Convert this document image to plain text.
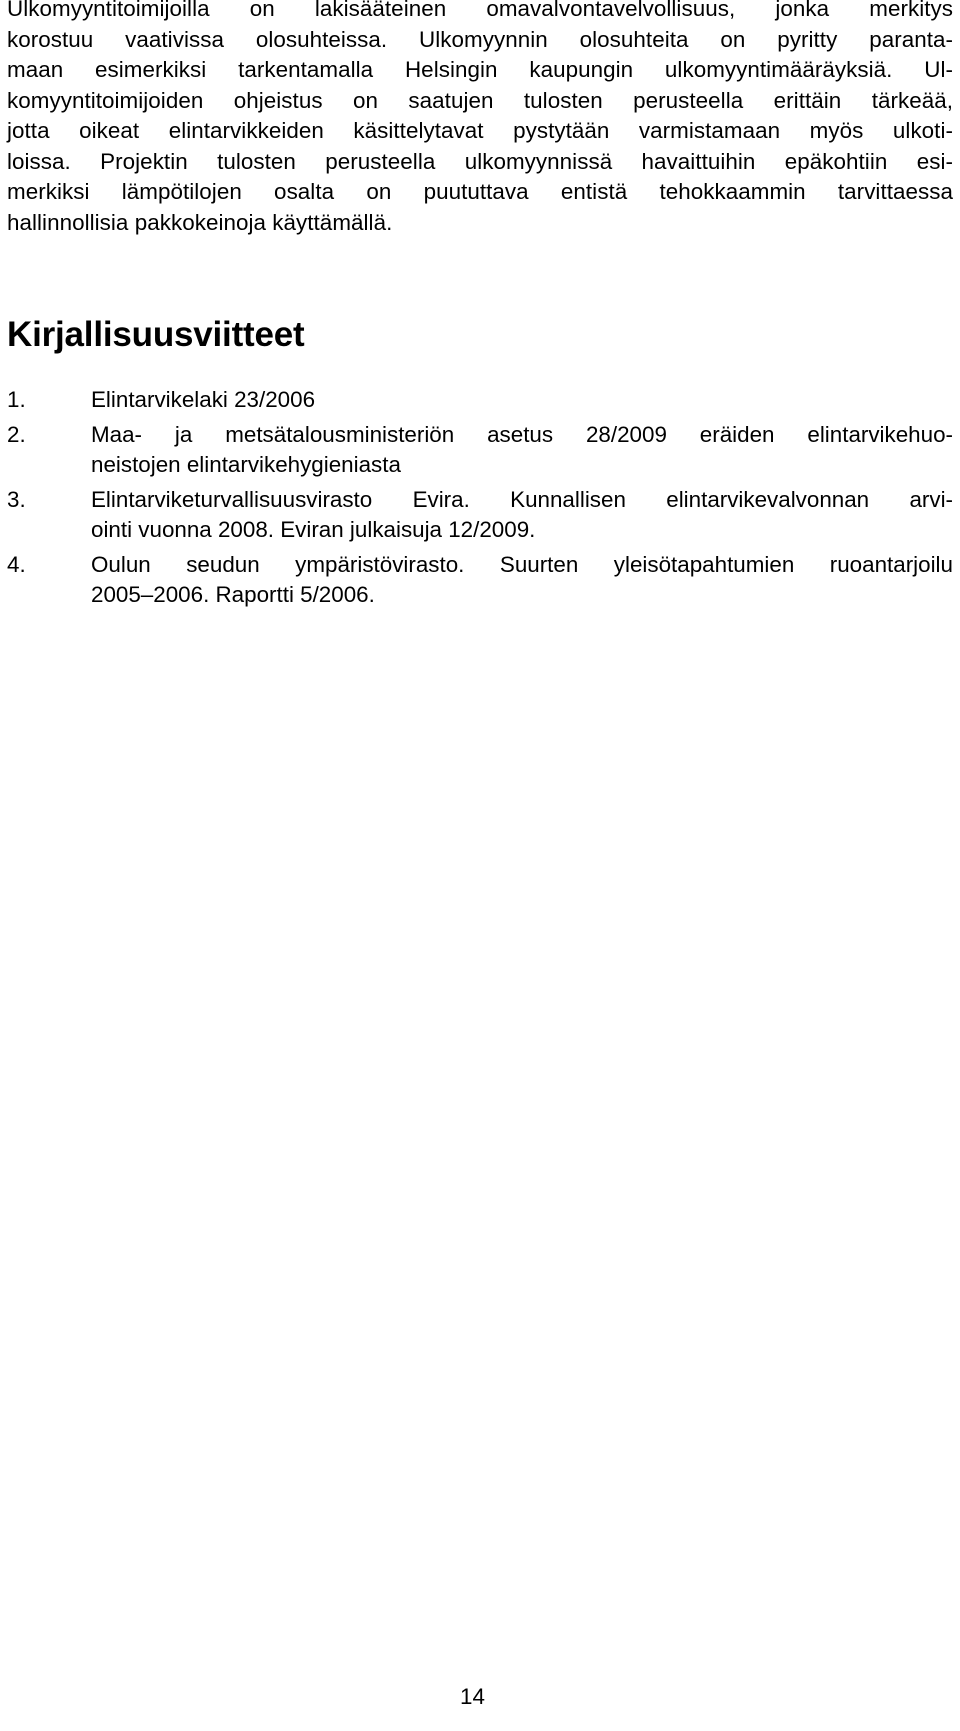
Ulkomyyntitoimijoilla on lakisääteinen omavalvontavelvollisuus, jonka merkitys
korostuu vaativissa olosuhteissa. Ulkomyynnin olosuhteita on pyritty paranta-
maan esimerkiksi tarkentamalla Helsingin kaupungin ulkomyyntimääräyksiä. Ul-
komyyntitoimijoiden ohjeistus on saatujen tulosten perusteella erittäin tärkeää,
jotta oikeat elintarvikkeiden käsittelytavat pystytään varmistamaan myös ulkoti-
loissa. Projektin tulosten perusteella ulkomyynnissä havaittuihin epäkohtiin esi-
merkiksi lämpötilojen osalta on puututtava entistä tehokkaammin tarvittaessa
hallinnollisia pakkokeinoja käyttämällä.

Kirjallisuusviitteet
1.	Elintarvikelaki 23/2006
2.	Maa- ja metsätalousministeriön asetus 28/2009 eräiden elintarvikehuo-
neistojen elintarvikehygieniasta
3.	Elintarviketurvallisuusvirasto Evira. Kunnallisen elintarvikevalvonnan arvi-
ointi vuonna 2008. Eviran julkaisuja 12/2009.
4.	Oulun seudun ympäristövirasto. Suurten yleisötapahtumien ruoantarjoilu
2005–2006. Raportti 5/2006.
14
